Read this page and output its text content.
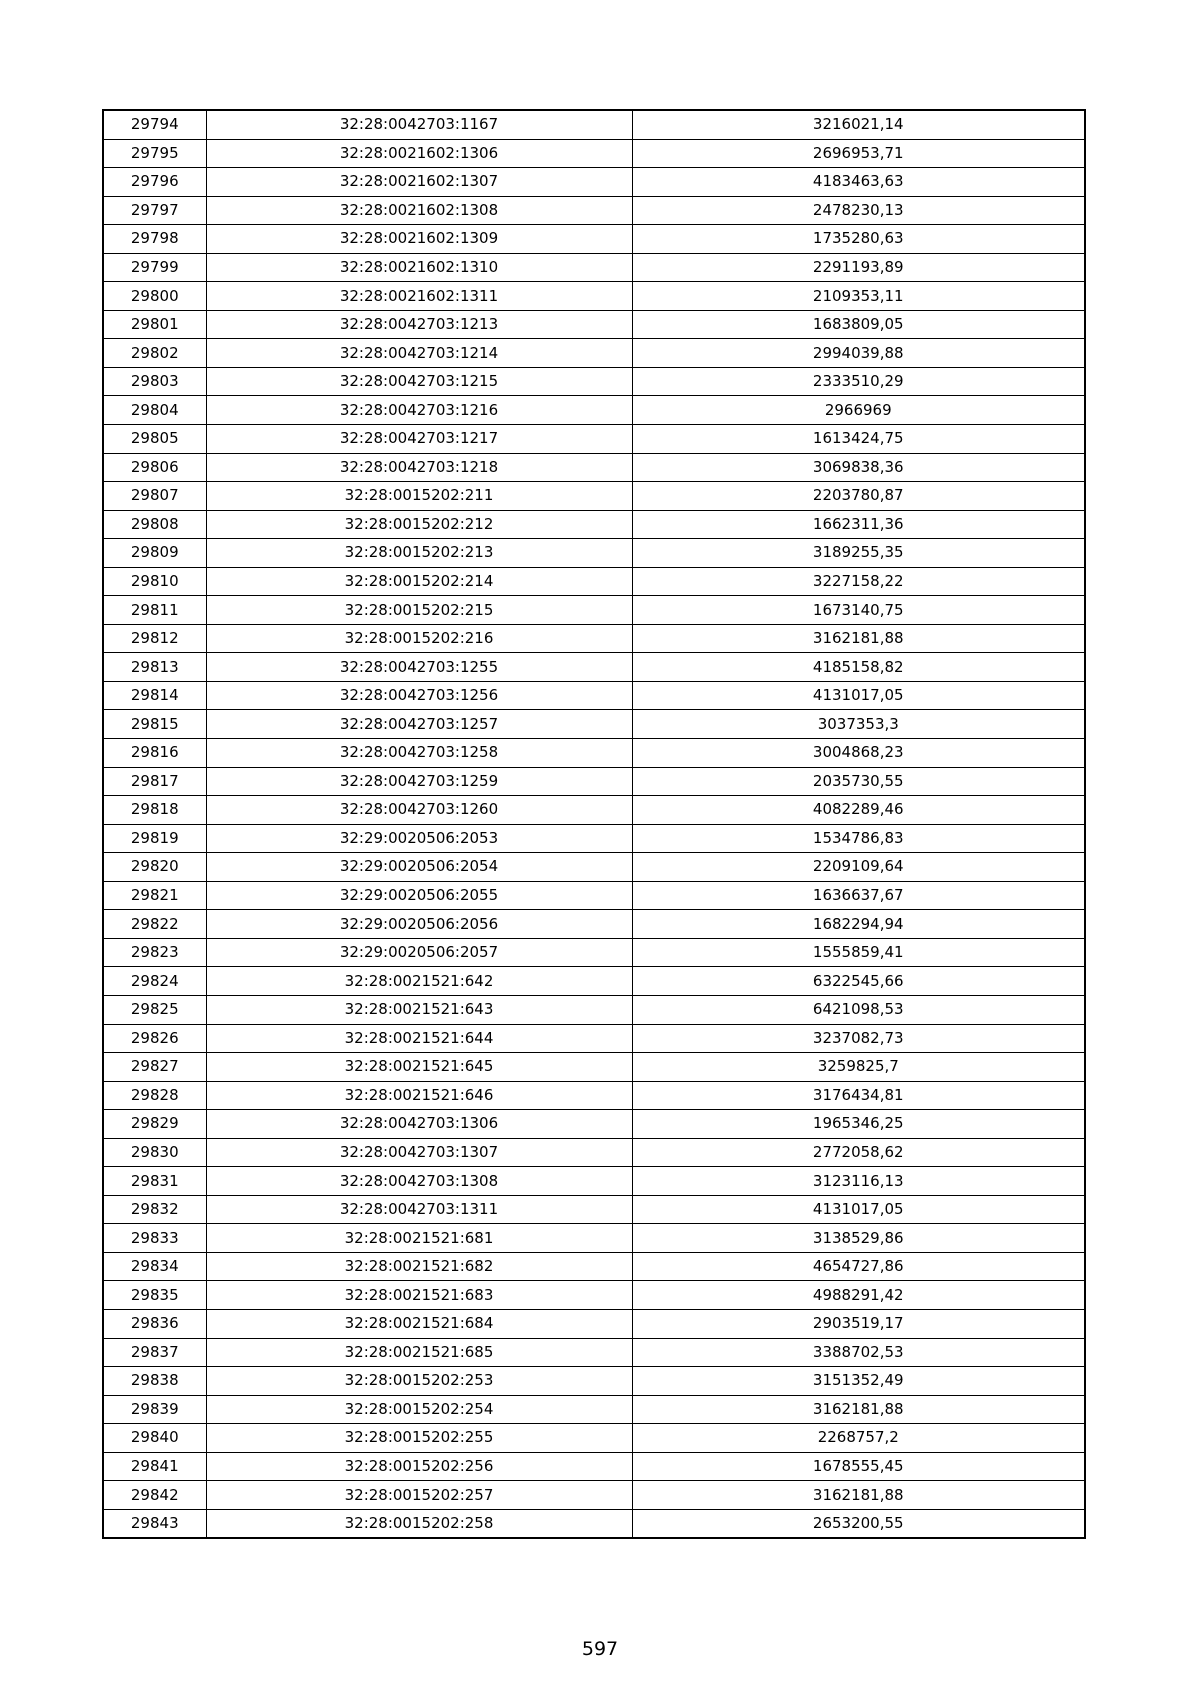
29794	32:28:0042703:1167	3216021,14
29795	32:28:0021602:1306	2696953,71
29796	32:28:0021602:1307	4183463,63
29797	32:28:0021602:1308	2478230,13
29798	32:28:0021602:1309	1735280,63
29799	32:28:0021602:1310	2291193,89
29800	32:28:0021602:1311	2109353,11
29801	32:28:0042703:1213	1683809,05
29802	32:28:0042703:1214	2994039,88
29803	32:28:0042703:1215	2333510,29
29804	32:28:0042703:1216	2966969
29805	32:28:0042703:1217	1613424,75
29806	32:28:0042703:1218	3069838,36
29807	32:28:0015202:211	2203780,87
29808	32:28:0015202:212	1662311,36
29809	32:28:0015202:213	3189255,35
29810	32:28:0015202:214	3227158,22
29811	32:28:0015202:215	1673140,75
29812	32:28:0015202:216	3162181,88
29813	32:28:0042703:1255	4185158,82
29814	32:28:0042703:1256	4131017,05
29815	32:28:0042703:1257	3037353,3
29816	32:28:0042703:1258	3004868,23
29817	32:28:0042703:1259	2035730,55
29818	32:28:0042703:1260	4082289,46
29819	32:29:0020506:2053	1534786,83
29820	32:29:0020506:2054	2209109,64
29821	32:29:0020506:2055	1636637,67
29822	32:29:0020506:2056	1682294,94
29823	32:29:0020506:2057	1555859,41
29824	32:28:0021521:642	6322545,66
29825	32:28:0021521:643	6421098,53
29826	32:28:0021521:644	3237082,73
29827	32:28:0021521:645	3259825,7
29828	32:28:0021521:646	3176434,81
29829	32:28:0042703:1306	1965346,25
29830	32:28:0042703:1307	2772058,62
29831	32:28:0042703:1308	3123116,13
29832	32:28:0042703:1311	4131017,05
29833	32:28:0021521:681	3138529,86
29834	32:28:0021521:682	4654727,86
29835	32:28:0021521:683	4988291,42
29836	32:28:0021521:684	2903519,17
29837	32:28:0021521:685	3388702,53
29838	32:28:0015202:253	3151352,49
29839	32:28:0015202:254	3162181,88
29840	32:28:0015202:255	2268757,2
29841	32:28:0015202:256	1678555,45
29842	32:28:0015202:257	3162181,88
29843	32:28:0015202:258	2653200,55
597
